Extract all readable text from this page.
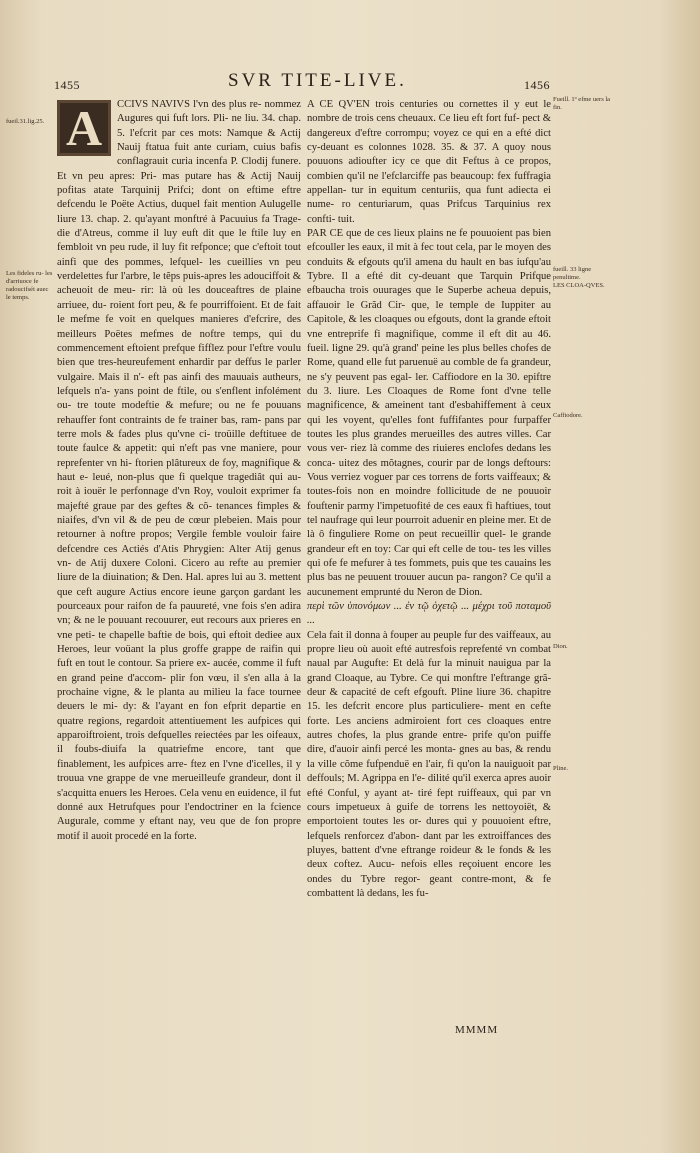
1455	SVR TITE-LIVE.	1456
fueil.31.lig.25.
Les fideles ru- les d'arriuoce fe radoucifsét auec le temps.
A	CCIVS NAVIVS l'vn des plus re- nommez Augures qui fuft lors. Pli- ne liu. 34. chap. 5. l'efcrit par ces mots: Namque & Actij Nauij ftatua fuit ante curiam, cuius bafis conflagrauit curia incenfa P. Clodij funere. Et vn peu apres: Pri- mas putare has & Actij Nauij pofitas atate Tarquinij Prifci; dont on eftime eftre defcendu le Poëte Actius, duquel fait mention Aulugelle liure 13. chap. 2. qu'ayant monftré à Pacuuius fa Trage- die d'Atreus, comme il luy euft dit que le ftile luy en fembloit vn peu rude, il luy fit refponce; que c'eftoit tout ainfi que des pommes, lefquel- les cueillies vn peu verdelettes fur l'arbre, le tẽps puis-apres les adouciffoit & acheuoit de meu- rir: là où les douceaftres de plaine arriuee, du- roient fort peu, & fe pourriffoient. Et de fait le mefme fe voit en quelques manieres d'efcrire, des meilleurs Poëtes mefmes de noftre temps, qui du commencement eftoient prefque fifflez pour l'eftre voulu bien que tres-heureufement enhardir par deffus le parler vulgaire. Mais il n'- eft pas ainfi des mauuais autheurs, lefquels n'a- yans point de ftile, ou s'enflent infolément ou- tre toute modeftie & mefure; ou ne fe pouuans rehauffer font contraints de fe trainer bas, ram- pans par terre mols & fades plus qu'vne ci- troüille deftituee de toute faulce & appetit: qui n'eft pas vne maniere, pour reprefenter vn hi- ftorien plâtureux de foy, magnifique & haut e- leué, non-plus que fi quelque tragediât qui au- roit à iouër le perfonnage d'vn Roy, vouloit exprimer fa majefté graue par des geftes & cõ- tenances fimples & niaifes, d'vn vil & de peu de cœur plebeien. Mais pour retourner à noftre propos; Vergile femble vouloir faire defcendre ces Actiés d'Atis Phrygien: Alter Atij genus vn- de Atij duxere Coloni. Cicero au refte au premier liure de la diuination; & Den. Hal. apres lui au 3. mettent que ceft augure Actius encore ieune garçon gardant les pourceaux pour raifon de fa pauureté, vne fois s'en adira vn; & ne le pouuant recouurer, eut recours aux prieres en vne peti- te chapelle baftie de bois, qui eftoit dediee aux Heroes, leur voüant la plus groffe grappe de raifin qui fuft en tout le contour. Sa priere ex- aucée, comme il fuft en grand peine d'accom- plir fon vœu, il s'en alla à la prochaine vigne, & le planta au milieu la face tournee deuers le mi- dy: & l'ayant en fon efprit departie en quatre regions, regardoit attentiuement les aufpices qui apparoiftroient, trois defquelles reiectées par les oifeaux, il foubs-diuifa la quatriefme encore, tant que finablement, les aufpices arre- ftez en l'vne d'icelles, il y trouua vne grappe de vne merueilleufe grandeur, dont il s'acquitta enuers les Heroes. Cela venu en euidence, il fut donné aux Hetrufques pour l'endoctriner en la fcience Augurale, comme y eftant nay, veu que de fon propre motif il auoit procedé en la forte.

A CE QV'EN trois centuries ou cornettes il y eut le nombre de trois cens cheuaux. Ce lieu eft fort fuf- pect & dangereux d'eftre corrompu; voyez ce qui en a efté dict cy-deuant es colonnes 1028. 35. & 37. A quoy nous pouuons adioufter icy ce que dit Feftus à ce propos, combien qu'il ne l'efclarciffe pas beaucoup: fex fuffragia appellan- tur in equitum centuriis, qua funt adiecta ei nume- ro centuriarum, quas Prifcus Tarquinius rex confti- tuit.

PAR CE que de ces lieux plains ne fe pouuoient pas bien efcouller les eaux, il mit à fec tout cela, par le moyen des conduits & efgouts qu'il amena du hault en bas iufqu'au Tybre. Il a efté dit cy-deuant que Tarquin Prifque efbaucha trois ouurages que le Superbe acheua depuis, affauoir le Grãd Cir- que, le temple de Iuppiter au Capitole, & les cloaques ou efgouts, dont la grande eftoit vne entreprife fi magnifique, comme il eft dit au 46. fueil. ligne 29. qu'à grand' peine les plus belles chofes de Rome, quand elle fut paruenuë au comble de fa grandeur, ne s'y peuvent pas egal- ler. Caffiodore en la 30. epiftre du 3. liure. Les Cloaques de Rome font d'vne telle magnificence, & ameinent tant d'esbahiffement à ceux qui les voyent, qu'elles font fuffifantes pour furpaffer toutes les plus grandes merueilles des autres villes. Car vous ver- riez là comme des riuieres enclofes dedans les conca- uitez des mõtagnes, courir par de longs deftours: Vous verriez voguer par ces torrens de forts vaiffeaux; & toutes-fois non en moindre follicitude de ne pouuoir fouftenir parmy l'impetuofité de ces eaux fi haftiues, tout tel naufrage qui leur pourroit aduenir en pleine mer. Et de là ô finguliere Rome on peut recueillir quel- le grande grandeur eft en toy: Car qui eft celle de tou- tes les villes qui ofe fe mefurer à tes fommets, puis que tes cauains les plus bas ne peuuent trouuer aucun pa- rangon? Ce qu'il a aucunement emprunté du Neron de Dion.

περὶ τῶν ὑπονόμων ... ἐν τῷ ὀχετῷ ... μέχρι τοῦ ποταμοῦ ...

Cela fait il donna à fouper au peuple fur des vaiffeaux, au propre lieu où auoit efté autresfois reprefenté vn combat naual par Augufte: Et delà fur la minuit nauigua par la grand Cloaque, au Tybre. Ce qui monftre l'eftrange grã- deur & capacité de ceft efgouft. Pline liure 36. chapitre 15. les defcrit encore plus particuliere- ment en cefte forte. Les anciens admiroient fort ces cloaques entre autres chofes, la plus grande entre- prife qu'on puiffe dire, d'auoir ainfi percé les monta- gnes au bas, & rendu la ville cõme fufpenduë en l'air, fi qu'on la nauiguoit par deffouls; M. Agrippa en l'e- dilité qu'il exerca apres auoir efté Conful, y ayant at- tiré fept ruiffeaux, qui par vn cours impetueux à guife de torrens les nettoyoiët, & emportoient toutes les or- dures qui y pouuoient eftre, lefquels renforcez d'abon- dant par les extroiffances des pluyes, battent d'vne eftrange roideur & le fonds & les deux coftez. Aucu- nefois elles reçoiuent encore les ondes du Tybre regor- geant contre-mont, & fe combattent là dedans, les fu-

Fueill. 1º efme uers la fin.
fueill. 33 ligne penultime.
LES CLOA-QVES.
Caffiodore.
Dion.
Pline.
MMMM
